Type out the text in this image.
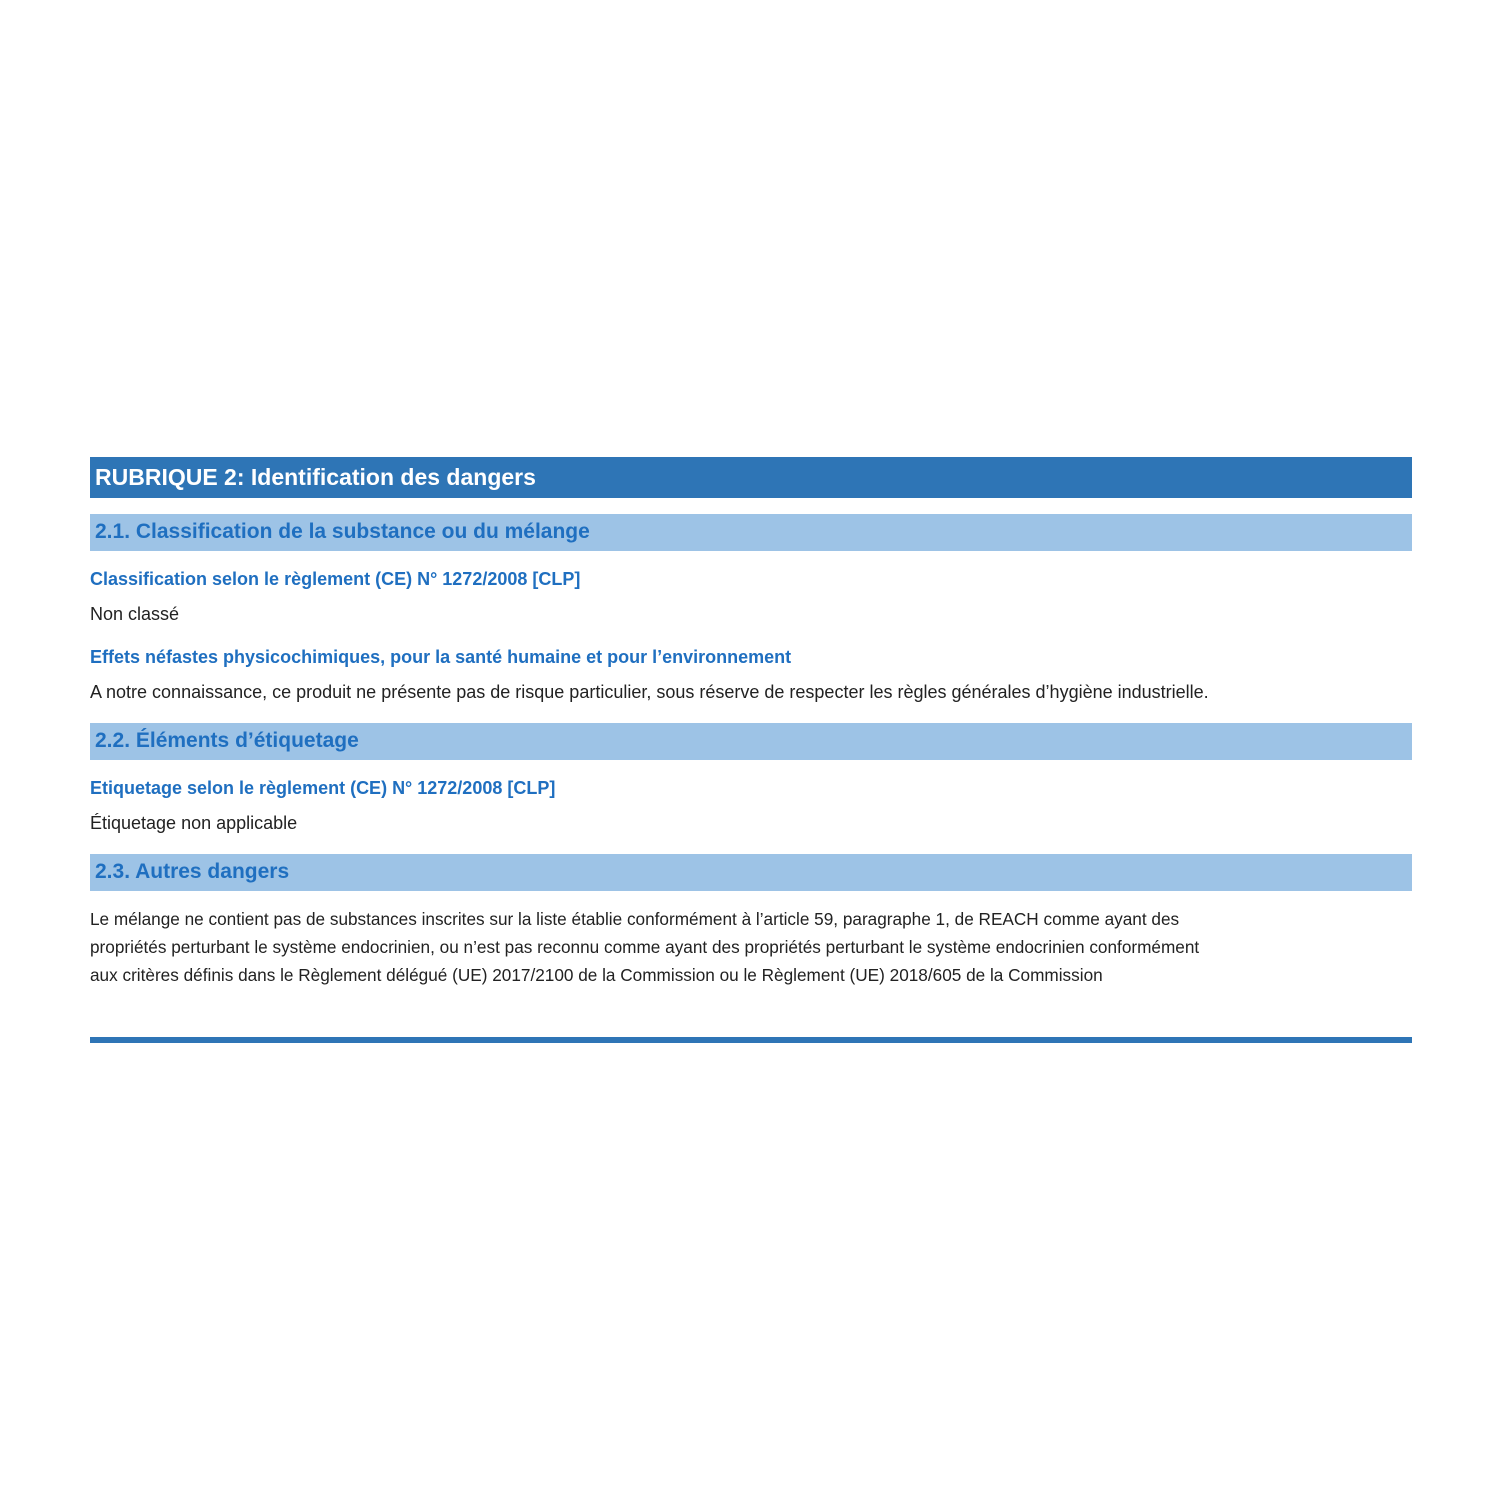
RUBRIQUE 2: Identification des dangers
2.1. Classification de la substance ou du mélange

Classification selon le règlement (CE) N° 1272/2008 [CLP]

Non classé

Effets néfastes physicochimiques, pour la santé humaine et pour l’environnement

A notre connaissance, ce produit ne présente pas de risque particulier, sous réserve de respecter les règles générales d’hygiène industrielle.

2.2. Éléments d’étiquetage

Etiquetage selon le règlement (CE) N° 1272/2008 [CLP]

Étiquetage non applicable

2.3. Autres dangers

Le mélange ne contient pas de substances inscrites sur la liste établie conformément à l’article 59, paragraphe 1, de REACH comme ayant des
propriétés perturbant le système endocrinien, ou n’est pas reconnu comme ayant des propriétés perturbant le système endocrinien conformément
aux critères définis dans le Règlement délégué (UE) 2017/2100 de la Commission ou le Règlement (UE) 2018/605 de la Commission
